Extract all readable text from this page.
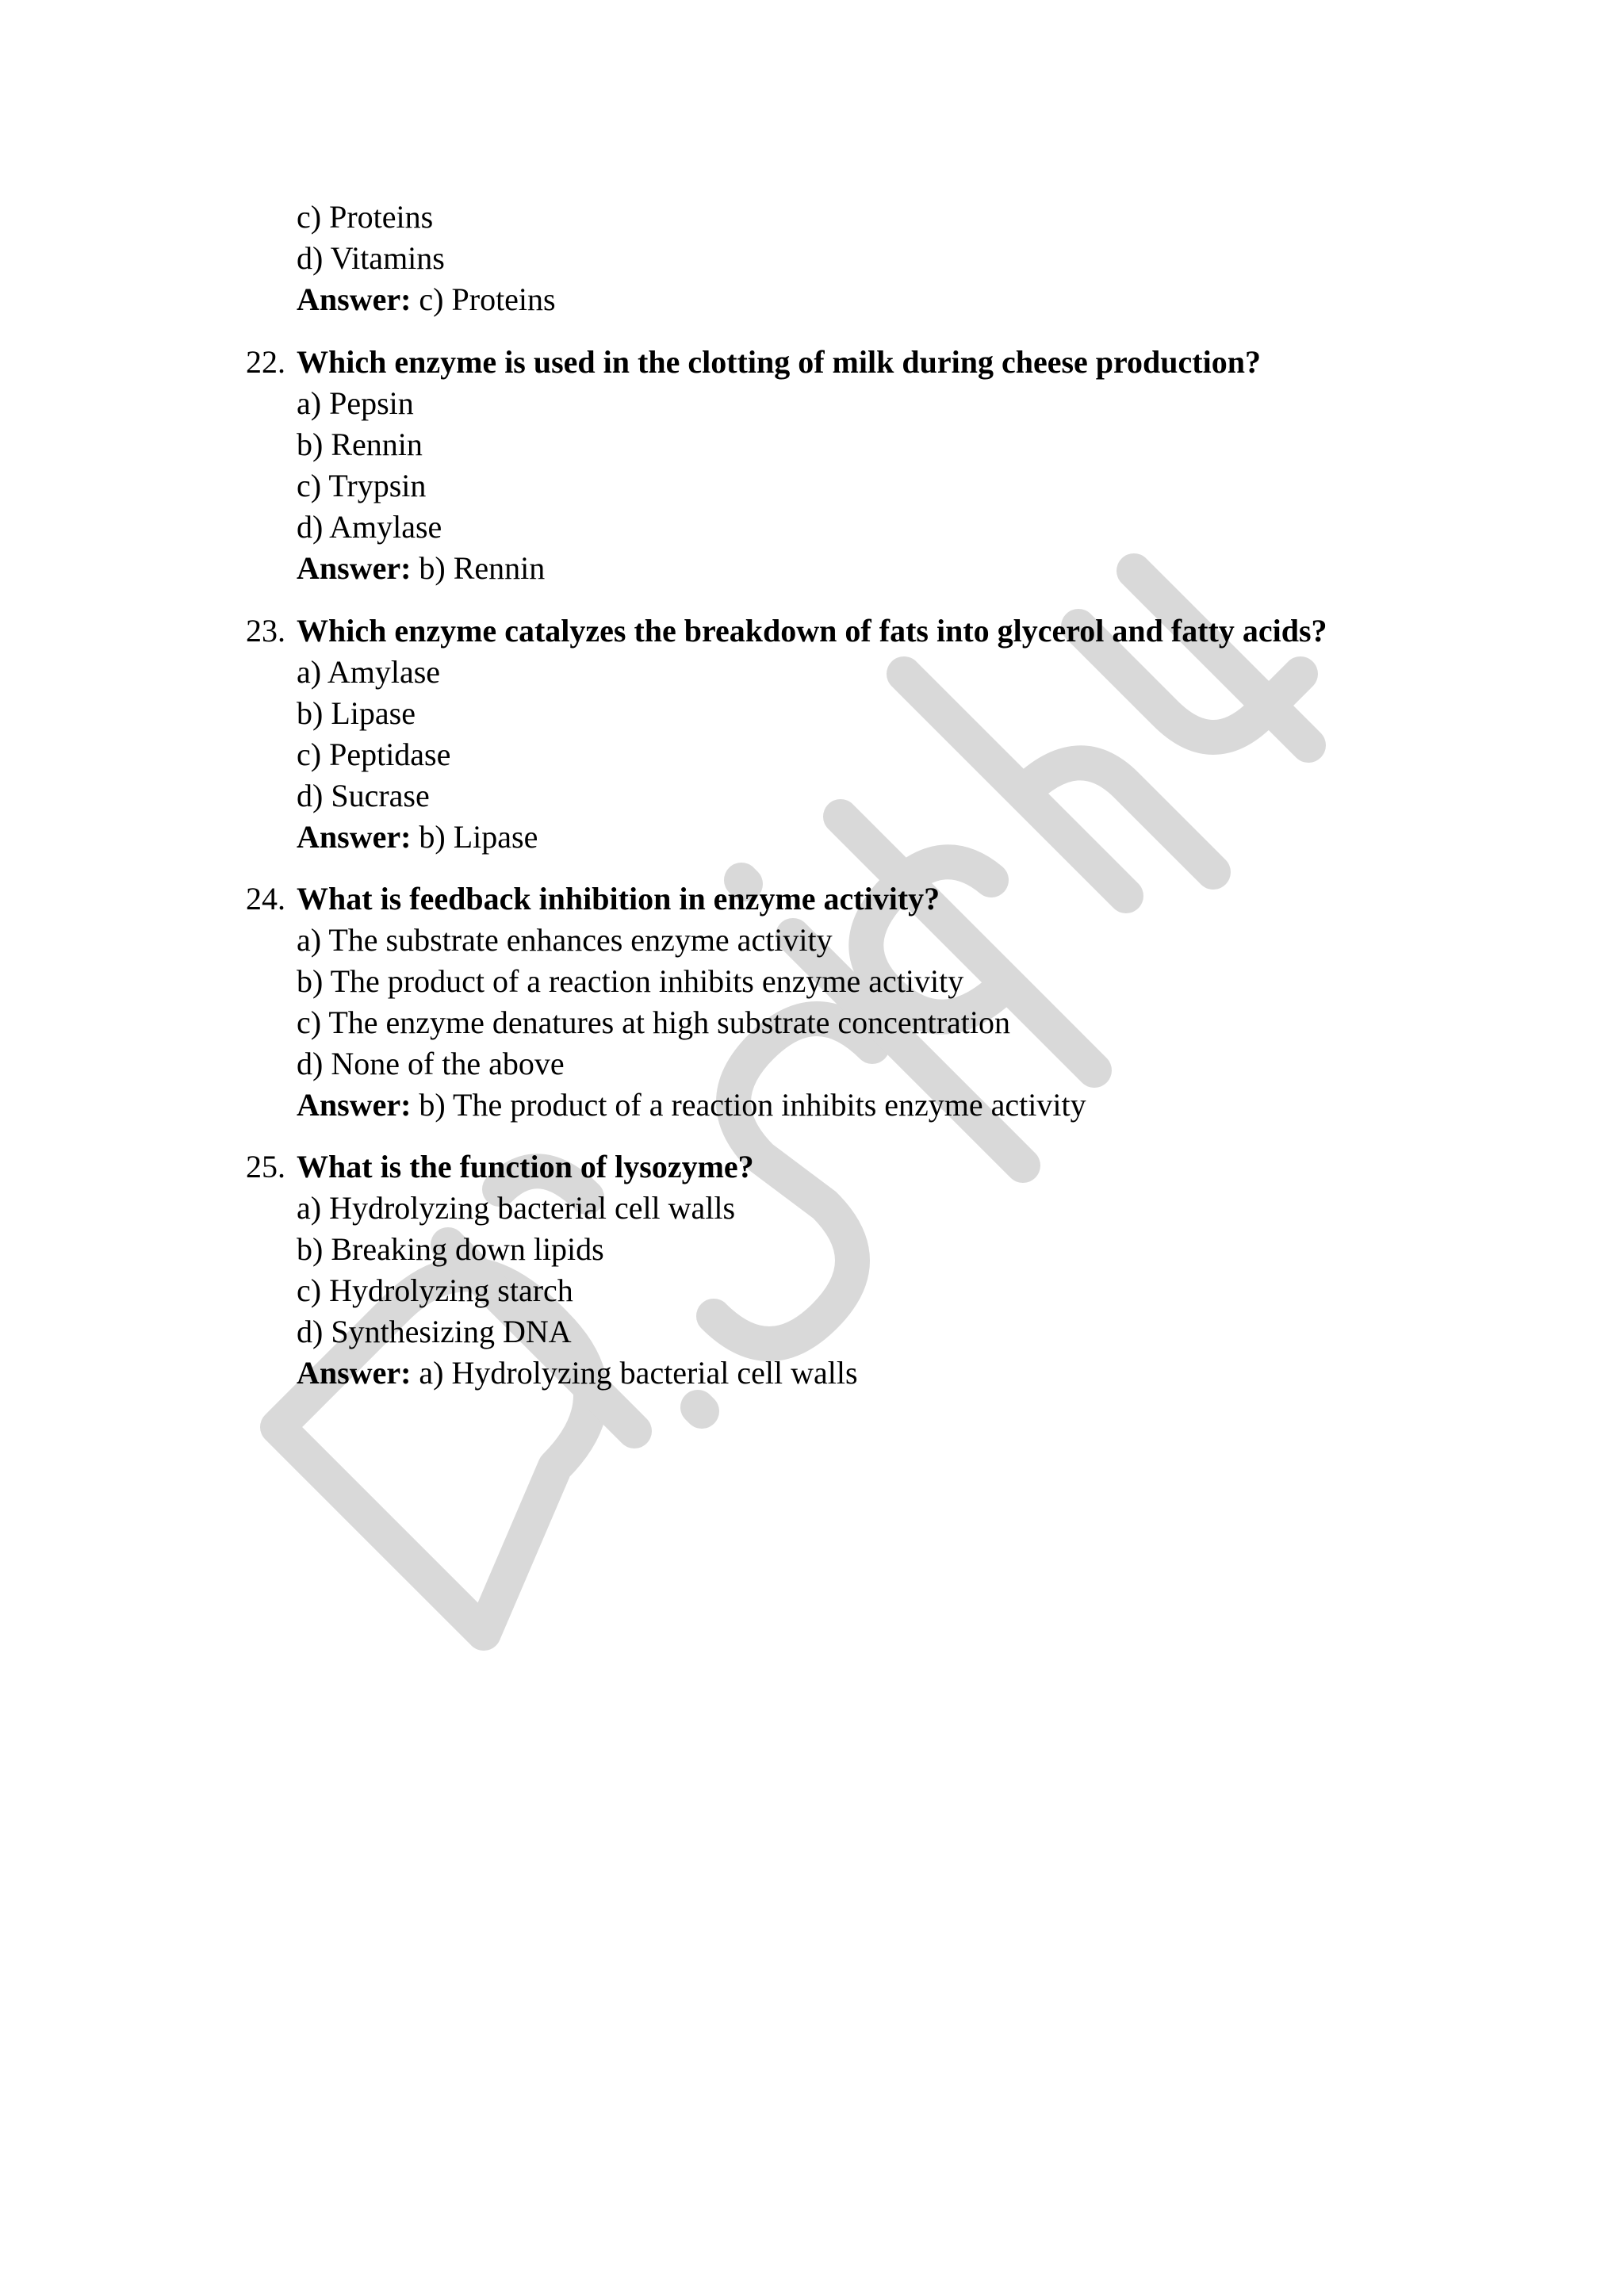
c) Proteins
d) Vitamins
Answer: c) Proteins
22. Which enzyme is used in the clotting of milk during cheese production?
a) Pepsin
b) Rennin
c) Trypsin
d) Amylase
Answer: b) Rennin
23. Which enzyme catalyzes the breakdown of fats into glycerol and fatty acids?
a) Amylase
b) Lipase
c) Peptidase
d) Sucrase
Answer: b) Lipase
24. What is feedback inhibition in enzyme activity?
a) The substrate enhances enzyme activity
b) The product of a reaction inhibits enzyme activity
c) The enzyme denatures at high substrate concentration
d) None of the above
Answer: b) The product of a reaction inhibits enzyme activity
25. What is the function of lysozyme?
a) Hydrolyzing bacterial cell walls
b) Breaking down lipids
c) Hydrolyzing starch
d) Synthesizing DNA
Answer: a) Hydrolyzing bacterial cell walls
